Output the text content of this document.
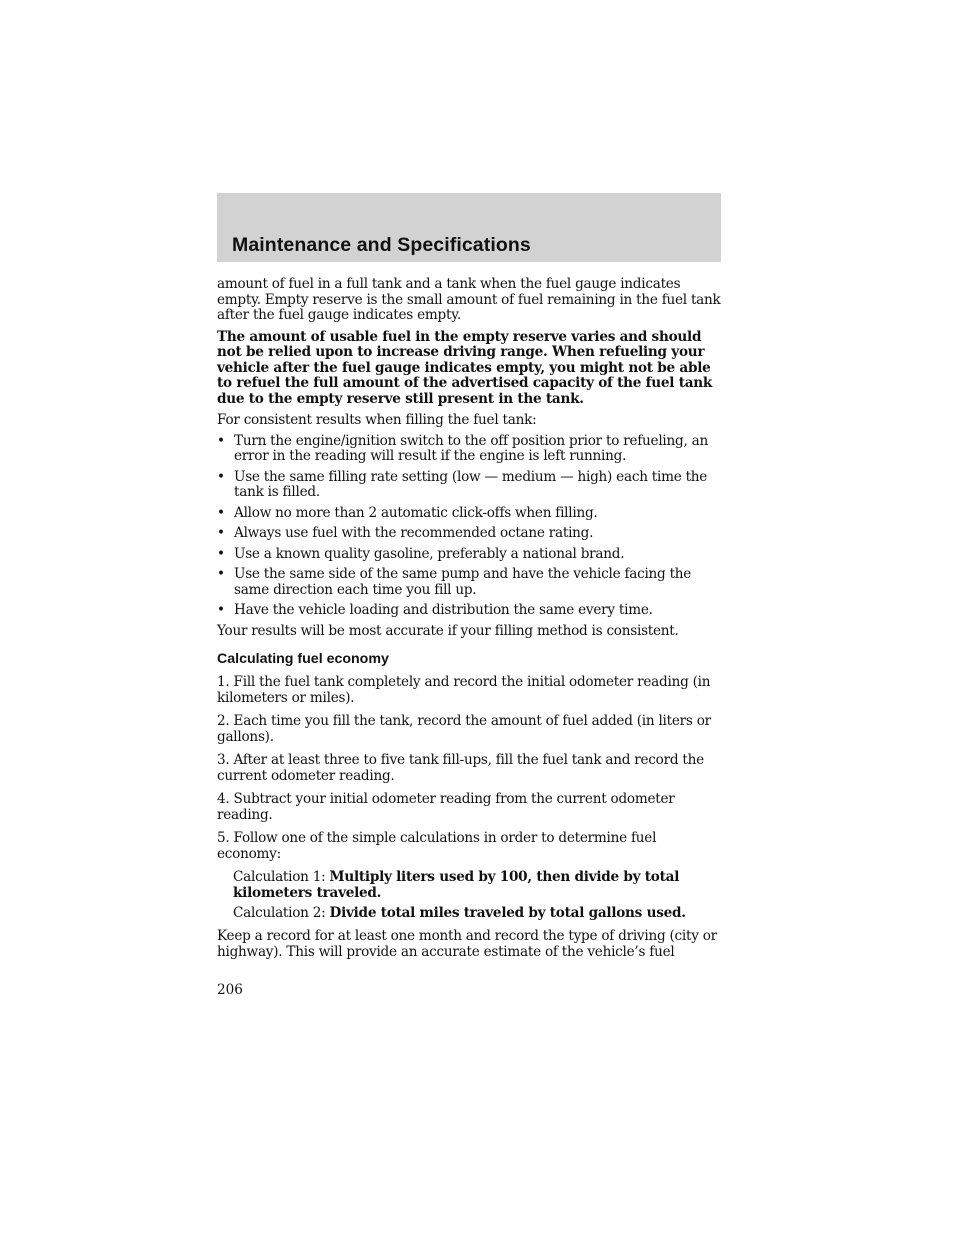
Maintenance and Specifications

amount of fuel in a full tank and a tank when the fuel gauge indicates empty. Empty reserve is the small amount of fuel remaining in the fuel tank after the fuel gauge indicates empty.

The amount of usable fuel in the empty reserve varies and should not be relied upon to increase driving range. When refueling your vehicle after the fuel gauge indicates empty, you might not be able to refuel the full amount of the advertised capacity of the fuel tank due to the empty reserve still present in the tank.

For consistent results when filling the fuel tank:

• Turn the engine/ignition switch to the off position prior to refueling, an error in the reading will result if the engine is left running.
• Use the same filling rate setting (low — medium — high) each time the tank is filled.
• Allow no more than 2 automatic click-offs when filling.
• Always use fuel with the recommended octane rating.
• Use a known quality gasoline, preferably a national brand.
• Use the same side of the same pump and have the vehicle facing the same direction each time you fill up.
• Have the vehicle loading and distribution the same every time.

Your results will be most accurate if your filling method is consistent.

Calculating fuel economy

1. Fill the fuel tank completely and record the initial odometer reading (in kilometers or miles).
2. Each time you fill the tank, record the amount of fuel added (in liters or gallons).
3. After at least three to five tank fill-ups, fill the fuel tank and record the current odometer reading.
4. Subtract your initial odometer reading from the current odometer reading.
5. Follow one of the simple calculations in order to determine fuel economy:
Calculation 1: Multiply liters used by 100, then divide by total kilometers traveled.
Calculation 2: Divide total miles traveled by total gallons used.

Keep a record for at least one month and record the type of driving (city or highway). This will provide an accurate estimate of the vehicle’s fuel

206
